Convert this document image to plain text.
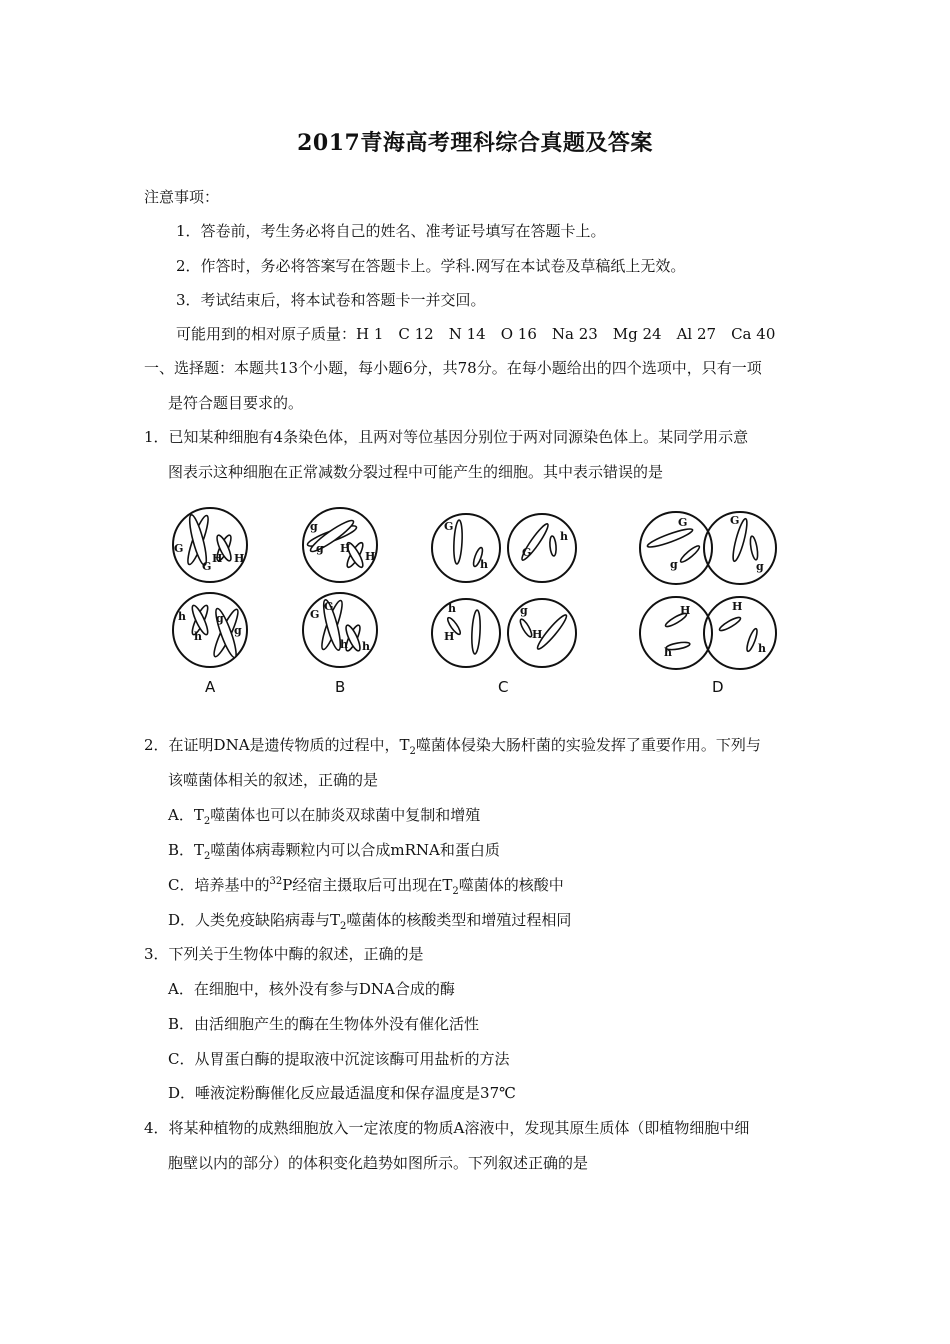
2017青海高考理科综合真题及答案
注意事项：
1．答卷前，考生务必将自己的姓名、准考证号填写在答题卡上。
2．作答时，务必将答案写在答题卡上。学科.网写在本试卷及草稿纸上无效。
3．考试结束后，将本试卷和答题卡一并交回。
可能用到的相对原子质量：H 1　C 12　N 14　O 16　Na 23　Mg 24　Al 27　Ca 40
一、选择题：本题共13个小题，每小题6分，共78分。在每小题给出的四个选项中，只有一项
是符合题目要求的。
1．已知某种细胞有4条染色体，且两对等位基因分别位于两对同源染色体上。某同学用示意
图表示这种细胞在正常减数分裂过程中可能产生的细胞。其中表示错误的是
G
G
H H
h
h
g
g
A
g
g H
H
G
G
h h
B
G
h
G
h
h
H
g
H
C
G
g
G
g
H
h
H
h
D
2．在证明DNA是遗传物质的过程中，$T_2$噬菌体侵染大肠杆菌的实验发挥了重要作用。下列与
该噬菌体相关的叙述，正确的是
A．$T_2$噬菌体也可以在肺炎双球菌中复制和增殖
B．$T_2$噬菌体病毒颗粒内可以合成mRNA和蛋白质
C．培养基中的$^{32}$P经宿主摄取后可出现在$T_2$噬菌体的核酸中
D．人类免疫缺陷病毒与$T_2$噬菌体的核酸类型和增殖过程相同
3．下列关于生物体中酶的叙述，正确的是
A．在细胞中，核外没有参与DNA合成的酶
B．由活细胞产生的酶在生物体外没有催化活性
C．从胃蛋白酶的提取液中沉淀该酶可用盐析的方法
D．唾液淀粉酶催化反应最适温度和保存温度是37℃
4．将某种植物的成熟细胞放入一定浓度的物质A溶液中，发现其原生质体（即植物细胞中细
胞壁以内的部分）的体积变化趋势如图所示。下列叙述正确的是
